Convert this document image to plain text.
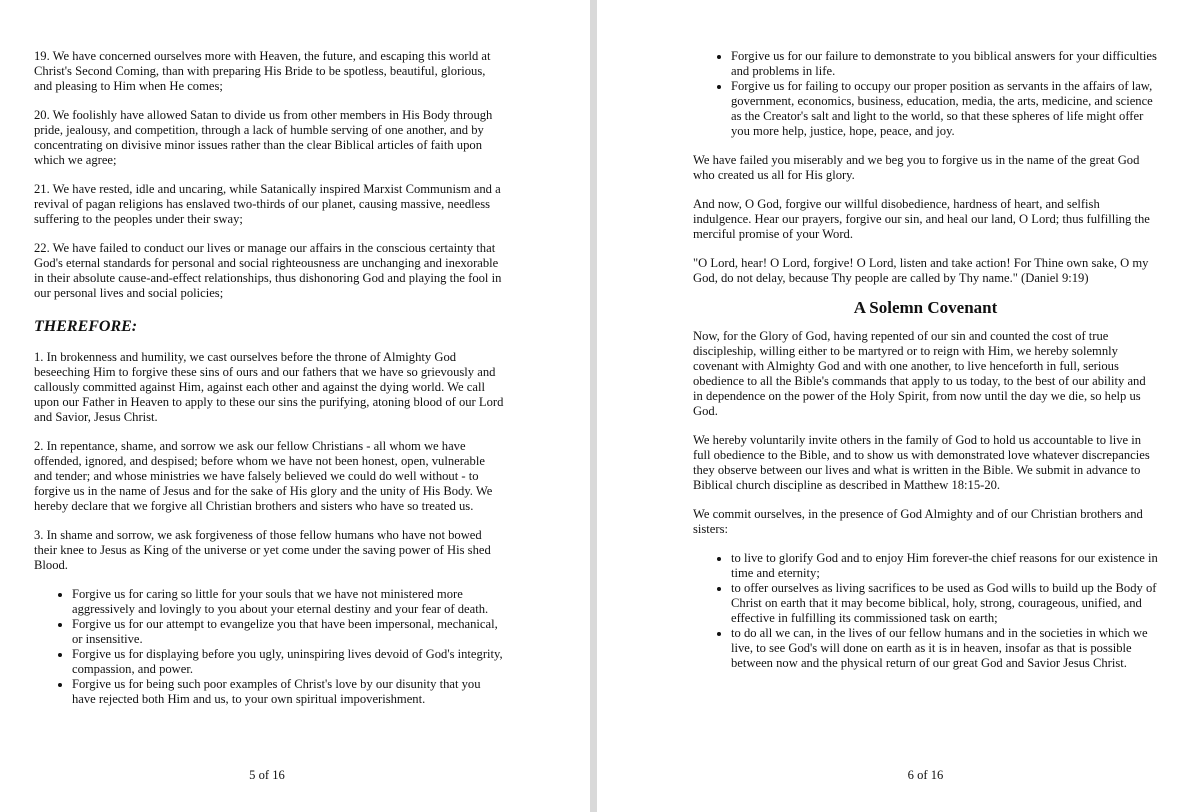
19. We have concerned ourselves more with Heaven, the future, and escaping this world at Christ's Second Coming, than with preparing His Bride to be spotless, beautiful, glorious, and pleasing to Him when He comes;

20. We foolishly have allowed Satan to divide us from other members in His Body through pride, jealousy, and competition, through a lack of humble serving of one another, and by concentrating on divisive minor issues rather than the clear Biblical articles of faith upon which we agree;

21. We have rested, idle and uncaring, while Satanically inspired Marxist Communism and a revival of pagan religions has enslaved two-thirds of our planet, causing massive, needless suffering to the peoples under their sway;

22. We have failed to conduct our lives or manage our affairs in the conscious certainty that God's eternal standards for personal and social righteousness are unchanging and inexorable in their absolute cause-and-effect relationships, thus dishonoring God and playing the fool in our personal lives and social policies;

THEREFORE:

1. In brokenness and humility, we cast ourselves before the throne of Almighty God beseeching Him to forgive these sins of ours and our fathers that we have so grievously and callously committed against Him, against each other and against the dying world. We call upon our Father in Heaven to apply to these our sins the purifying, atoning blood of our Lord and Savior, Jesus Christ.

2. In repentance, shame, and sorrow we ask our fellow Christians - all whom we have offended, ignored, and despised; before whom we have not been honest, open, vulnerable and tender; and whose ministries we have falsely believed we could do well without - to forgive us in the name of Jesus and for the sake of His glory and the unity of His Body. We hereby declare that we forgive all Christian brothers and sisters who have so treated us.

3. In shame and sorrow, we ask forgiveness of those fellow humans who have not bowed their knee to Jesus as King of the universe or yet come under the saving power of His shed Blood.

• Forgive us for caring so little for your souls that we have not ministered more aggressively and lovingly to you about your eternal destiny and your fear of death.
• Forgive us for our attempt to evangelize you that have been impersonal, mechanical, or insensitive.
• Forgive us for displaying before you ugly, uninspiring lives devoid of God's integrity, compassion, and power.
• Forgive us for being such poor examples of Christ's love by our disunity that you have rejected both Him and us, to your own spiritual impoverishment.
5 of 16
• Forgive us for our failure to demonstrate to you biblical answers for your difficulties and problems in life.
• Forgive us for failing to occupy our proper position as servants in the affairs of law, government, economics, business, education, media, the arts, medicine, and science as the Creator's salt and light to the world, so that these spheres of life might offer you more help, justice, hope, peace, and joy.

We have failed you miserably and we beg you to forgive us in the name of the great God who created us all for His glory.

And now, O God, forgive our willful disobedience, hardness of heart, and selfish indulgence. Hear our prayers, forgive our sin, and heal our land, O Lord; thus fulfilling the merciful promise of your Word.

"O Lord, hear! O Lord, forgive! O Lord, listen and take action! For Thine own sake, O my God, do not delay, because Thy people are called by Thy name." (Daniel 9:19)

A Solemn Covenant

Now, for the Glory of God, having repented of our sin and counted the cost of true discipleship, willing either to be martyred or to reign with Him, we hereby solemnly covenant with Almighty God and with one another, to live henceforth in full, serious obedience to all the Bible's commands that apply to us today, to the best of our ability and in dependence on the power of the Holy Spirit, from now until the day we die, so help us God.

We hereby voluntarily invite others in the family of God to hold us accountable to live in full obedience to the Bible, and to show us with demonstrated love whatever discrepancies they observe between our lives and what is written in the Bible. We submit in advance to Biblical church discipline as described in Matthew 18:15-20.

We commit ourselves, in the presence of God Almighty and of our Christian brothers and sisters:

• to live to glorify God and to enjoy Him forever-the chief reasons for our existence in time and eternity;
• to offer ourselves as living sacrifices to be used as God wills to build up the Body of Christ on earth that it may become biblical, holy, strong, courageous, unified, and effective in fulfilling its commissioned task on earth;
• to do all we can, in the lives of our fellow humans and in the societies in which we live, to see God's will done on earth as it is in heaven, insofar as that is possible between now and the physical return of our great God and Savior Jesus Christ.
6 of 16
